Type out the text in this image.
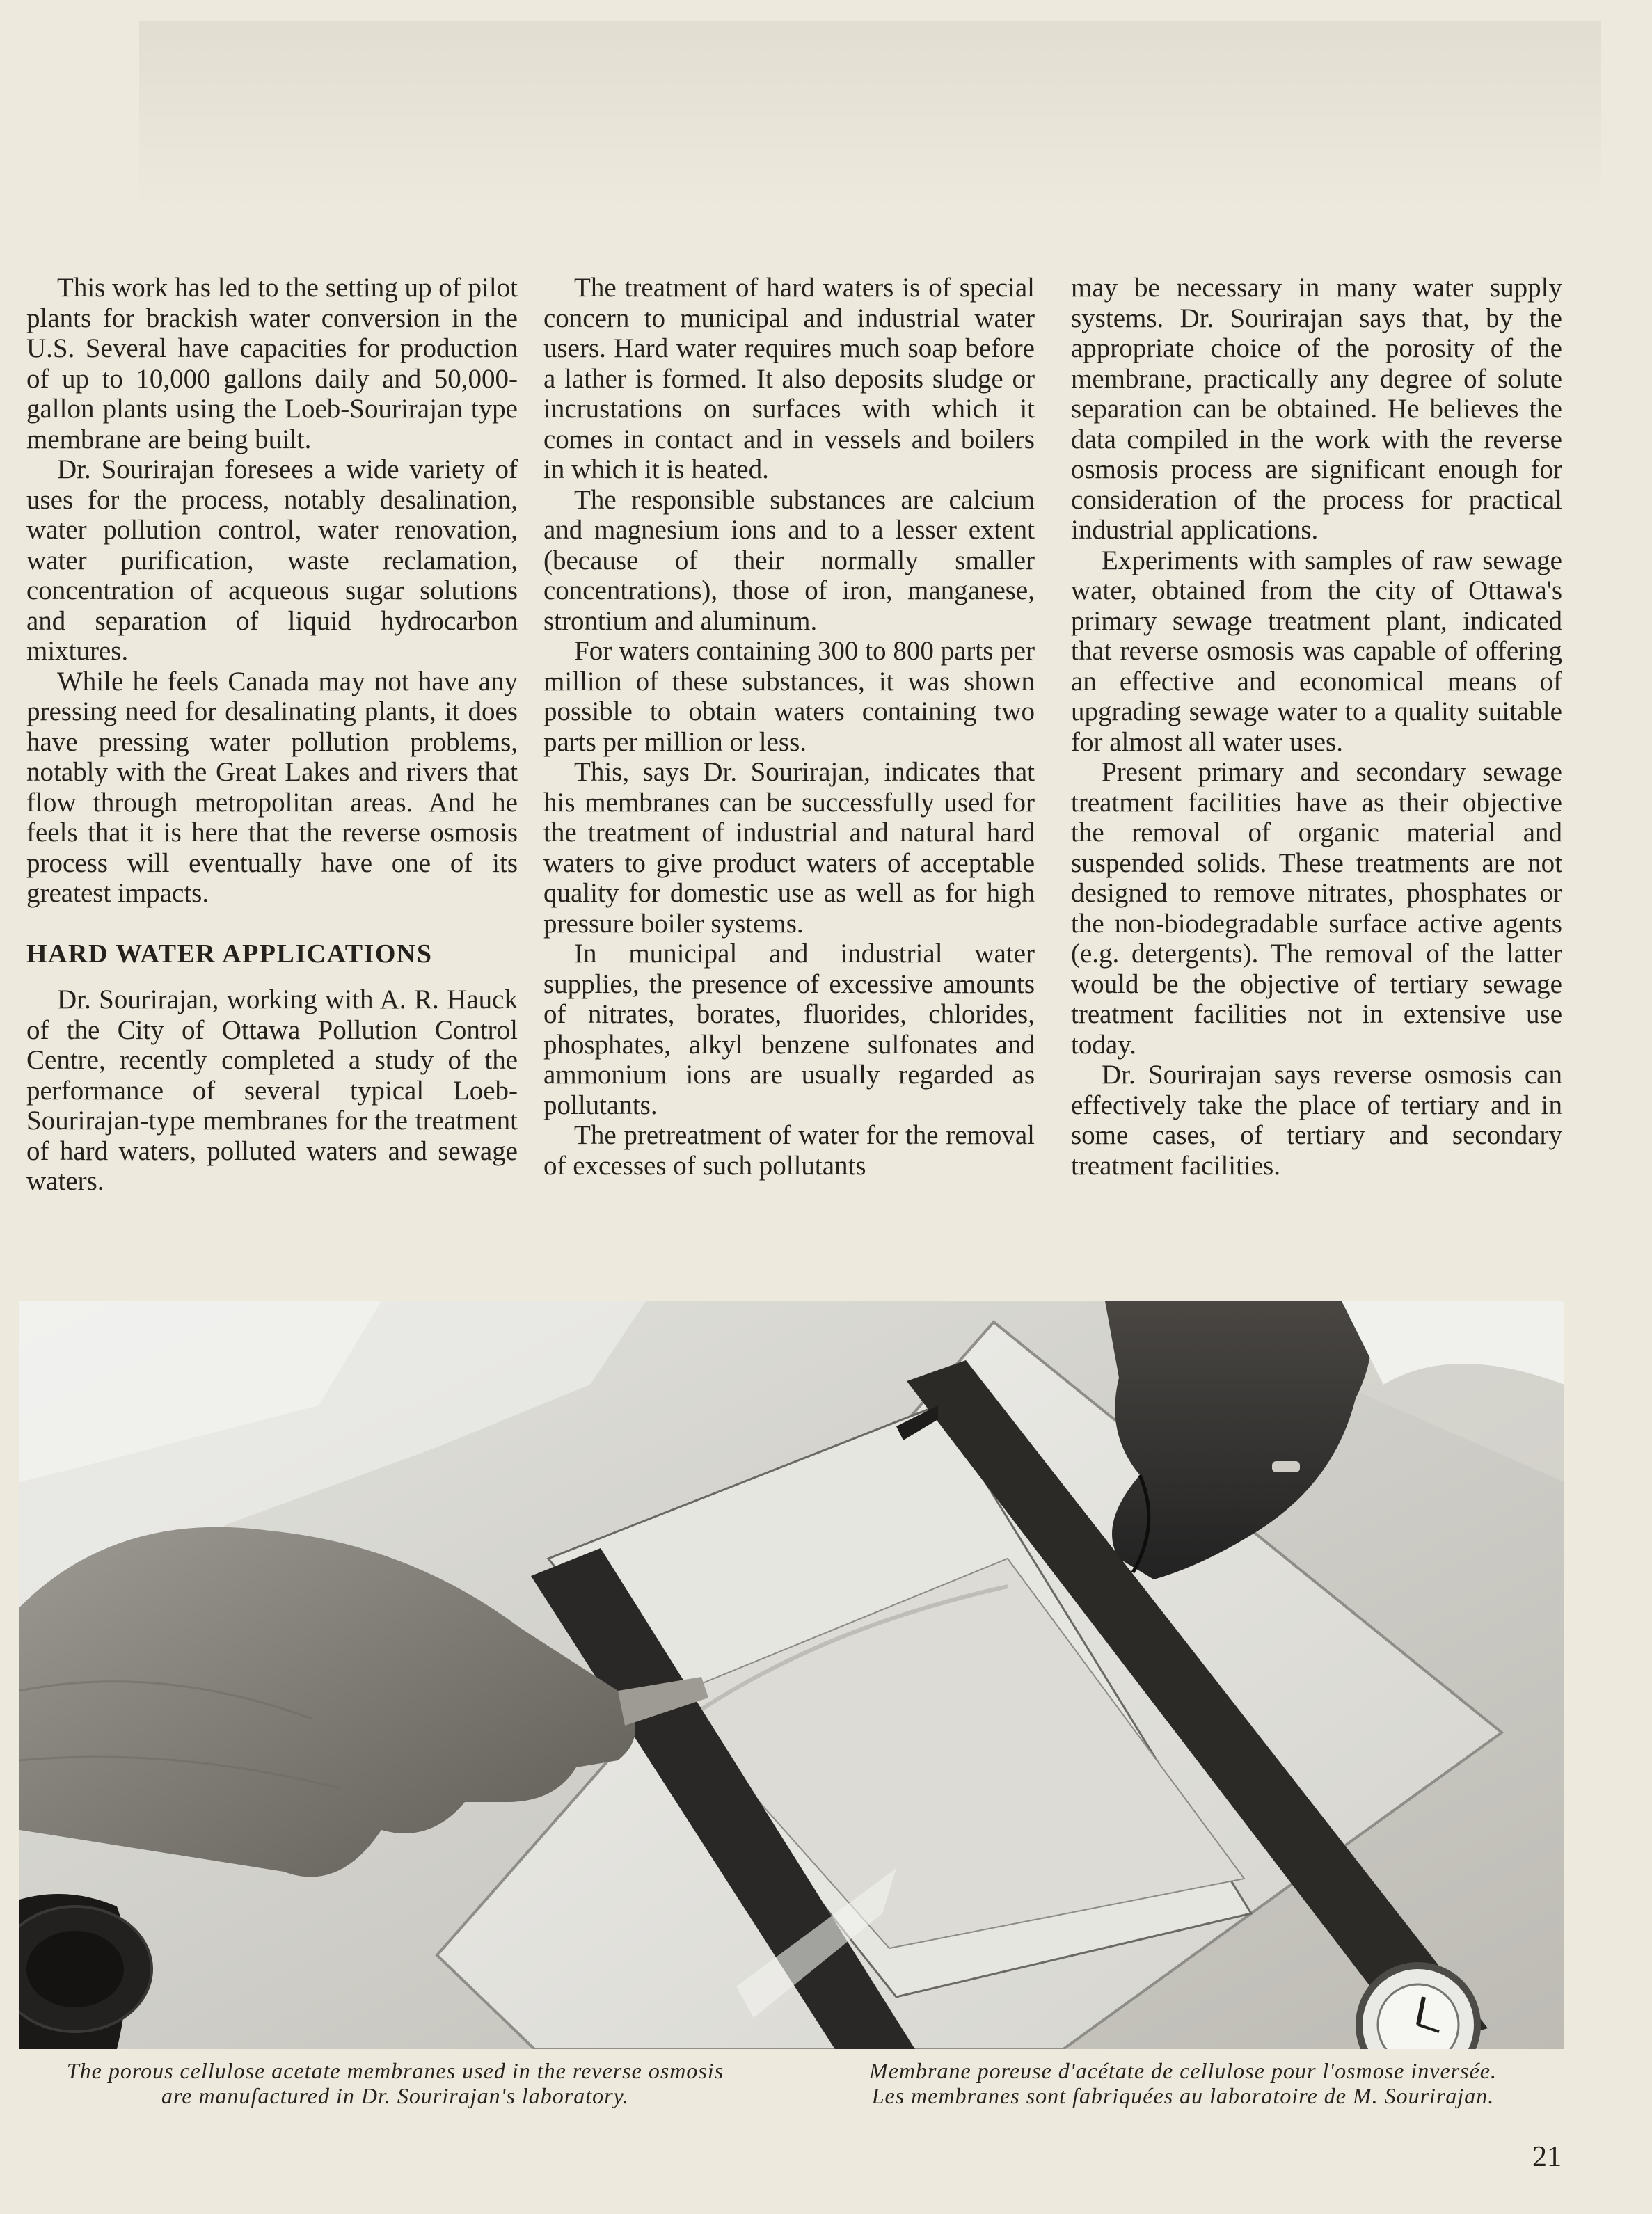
This work has led to the setting up of pilot plants for brackish water conversion in the U.S. Several have capacities for production of up to 10,000 gallons daily and 50,000-gallon plants using the Loeb-Sourirajan type membrane are being built.

Dr. Sourirajan foresees a wide variety of uses for the process, notably desalination, water pollution control, water renovation, water purification, waste reclamation, concentration of acqueous sugar solutions and separation of liquid hydrocarbon mixtures.

While he feels Canada may not have any pressing need for desalinating plants, it does have pressing water pollution problems, notably with the Great Lakes and rivers that flow through metropolitan areas. And he feels that it is here that the reverse osmosis process will eventually have one of its greatest impacts.

HARD WATER APPLICATIONS

Dr. Sourirajan, working with A. R. Hauck of the City of Ottawa Pollution Control Centre, recently completed a study of the performance of several typical Loeb-Sourirajan-type membranes for the treatment of hard waters, polluted waters and sewage waters.

The treatment of hard waters is of special concern to municipal and industrial water users. Hard water requires much soap before a lather is formed. It also deposits sludge or incrustations on surfaces with which it comes in contact and in vessels and boilers in which it is heated.

The responsible substances are calcium and magnesium ions and to a lesser extent (because of their normally smaller concentrations), those of iron, manganese, strontium and aluminum.

For waters containing 300 to 800 parts per million of these substances, it was shown possible to obtain waters containing two parts per million or less.

This, says Dr. Sourirajan, indicates that his membranes can be successfully used for the treatment of industrial and natural hard waters to give product waters of acceptable quality for domestic use as well as for high pressure boiler systems.

In municipal and industrial water supplies, the presence of excessive amounts of nitrates, borates, fluorides, chlorides, phosphates, alkyl benzene sulfonates and ammonium ions are usually regarded as pollutants.

The pretreatment of water for the removal of excesses of such pollutants

may be necessary in many water supply systems. Dr. Sourirajan says that, by the appropriate choice of the porosity of the membrane, practically any degree of solute separation can be obtained. He believes the data compiled in the work with the reverse osmosis process are significant enough for consideration of the process for practical industrial applications.

Experiments with samples of raw sewage water, obtained from the city of Ottawa's primary sewage treatment plant, indicated that reverse osmosis was capable of offering an effective and economical means of upgrading sewage water to a quality suitable for almost all water uses.

Present primary and secondary sewage treatment facilities have as their objective the removal of organic material and suspended solids. These treatments are not designed to remove nitrates, phosphates or the non-biodegradable surface active agents (e.g. detergents). The removal of the latter would be the objective of tertiary sewage treatment facilities not in extensive use today.

Dr. Sourirajan says reverse osmosis can effectively take the place of tertiary and in some cases, of tertiary and secondary treatment facilities.

The porous cellulose acetate membranes used in the reverse osmosis
are manufactured in Dr. Sourirajan's laboratory.
Membrane poreuse d'acétate de cellulose pour l'osmose inversée.
Les membranes sont fabriquées au laboratoire de M. Sourirajan.
21
